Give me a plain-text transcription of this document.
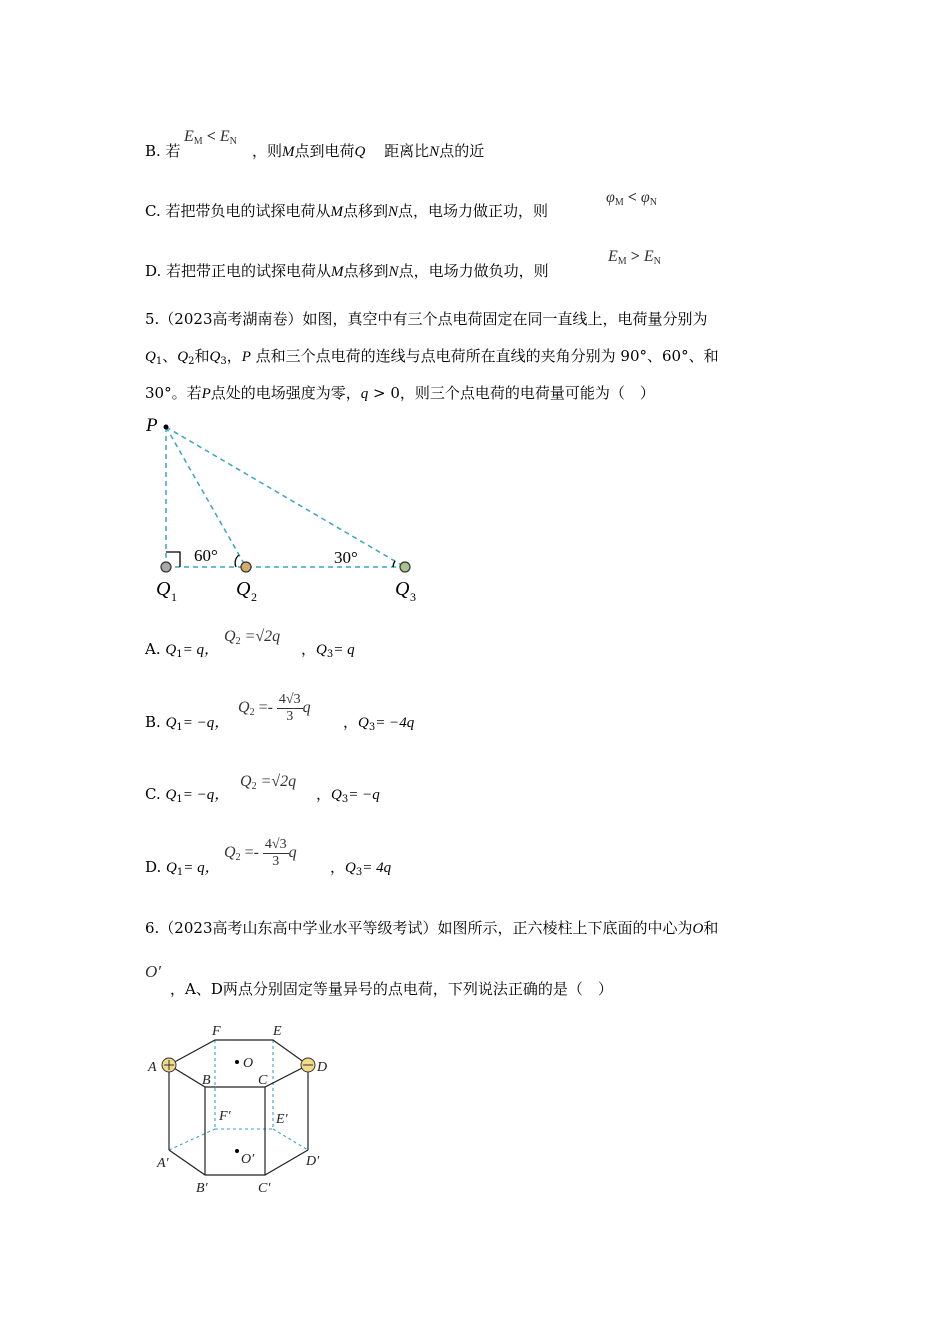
B. 若
$E_M < E_N$
，则M点到电荷Q 距离比N点的近
C. 若把带负电的试探电荷从M点移到N点，电场力做正功，则
$\varphi_M < \varphi_N$
D. 若把带正电的试探电荷从M点移到N点，电场力做负功，则
$E_M > E_N$
5.（2023高考湖南卷）如图，真空中有三个点电荷固定在同一直线上，电荷量分别为
$Q_1$、$Q_2$和$Q_3$，P 点和三个点电荷的连线与点电荷所在直线的夹角分别为 90°、60°、和
30°。若P点处的电场强度为零，q > 0，则三个点电荷的电荷量可能为（　）
P
60°	30°
Q 1	Q 2	Q 3
A. $Q_1= q$，
$Q_2 =√2q$
，$Q_3= q$
B. $Q_1= -q$，
$Q_2 =- \frac{4√3}{3}$ q
，$Q_3= -4q$
C. $Q_1= -q$，
$Q_2 =√2q$
，$Q_3= -q$
D. $Q_1= q$，
$Q_2 =- \frac{4√3}{3}$ q
，$Q_3= 4q$
6.（2023高考山东高中学业水平等级考试）如图所示，正六棱柱上下底面的中心为O和
O′
，A、D两点分别固定等量异号的点电荷，下列说法正确的是（　）
A
B	C
D
E
F
O
A′
B′	C′
D′
E′
F′
O′
